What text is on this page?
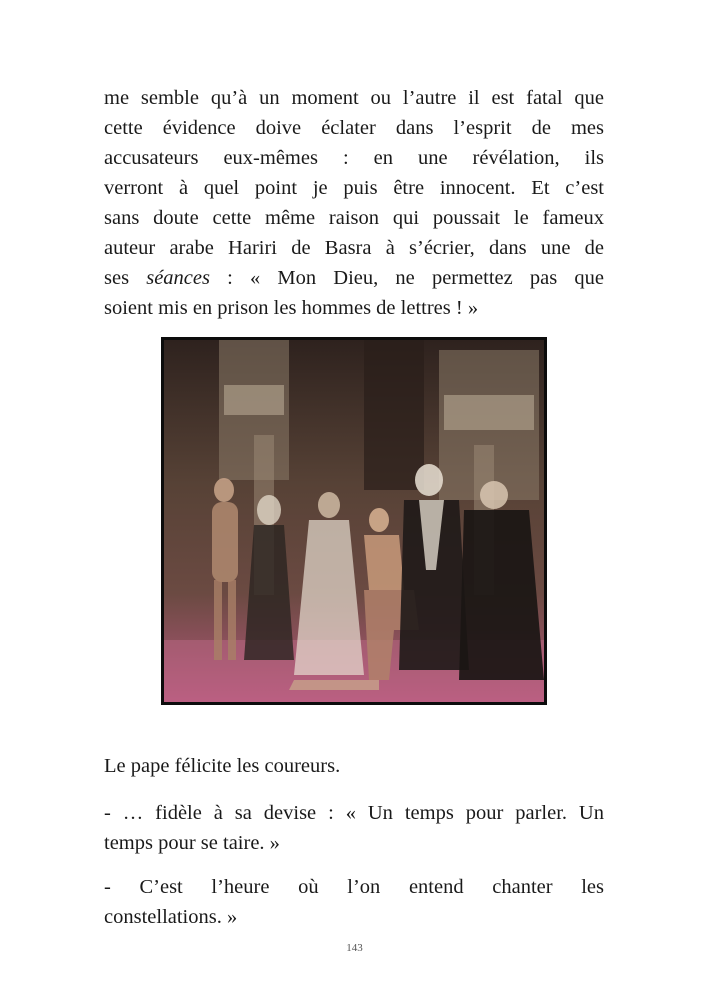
me semble qu’à un moment ou l’autre il est fatal que
cette évidence doive éclater dans l’esprit de mes
accusateurs eux-mêmes : en une révélation, ils
verront à quel point je puis être innocent. Et c’est
sans doute cette même raison qui poussait le fameux
auteur arabe Hariri de Basra à s’écrier, dans une de
ses séances : « Mon Dieu, ne permettez pas que
soient mis en prison les hommes de lettres ! »
Le pape félicite les coureurs.
- … fidèle à sa devise : « Un temps pour parler. Un
temps pour se taire. »
- C’est l’heure où l’on entend chanter les
constellations. »
143
